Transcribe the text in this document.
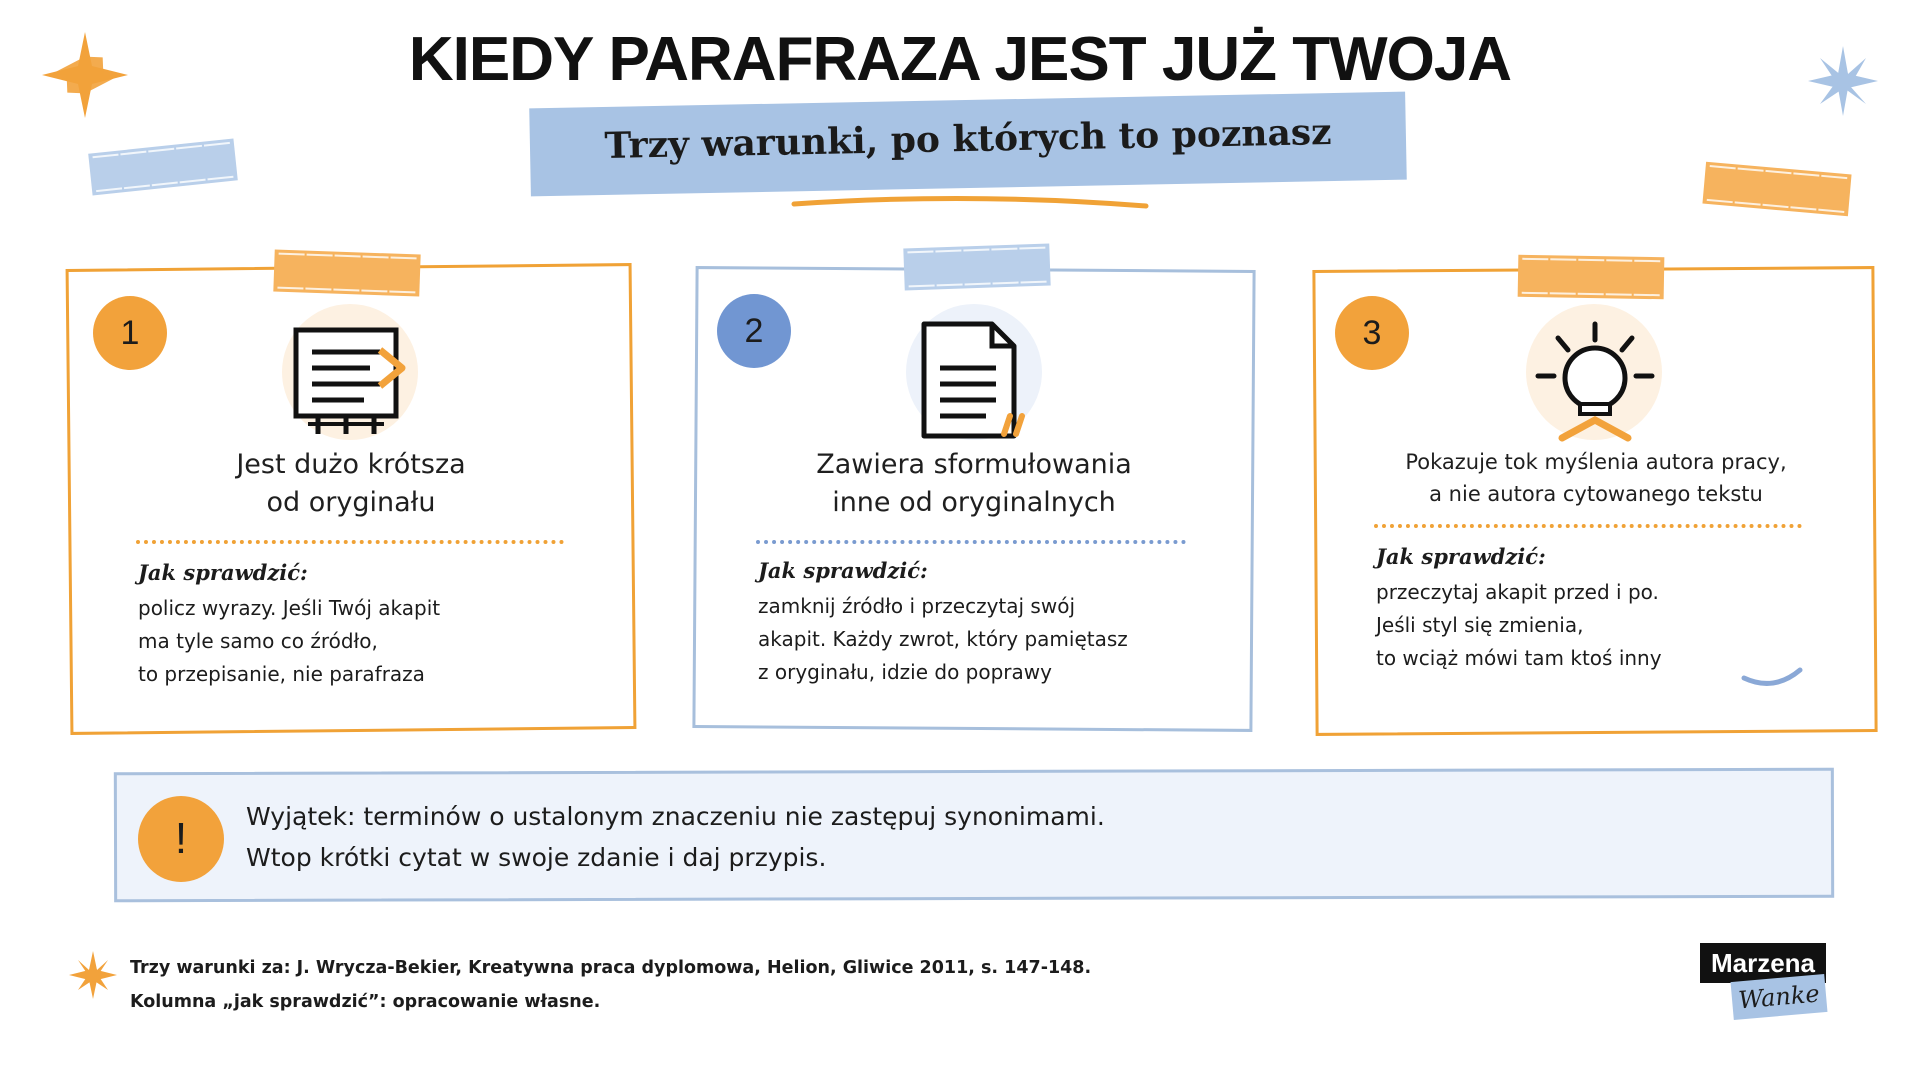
KIEDY PARAFRAZA JEST JUŻ TWOJA
Trzy warunki, po których to poznasz
1
Jest dużo krótsza
od oryginału
Jak sprawdzić:
policz wyrazy. Jeśli Twój akapit
ma tyle samo co źródło,
to przepisanie, nie parafraza
2
Zawiera sformułowania
inne od oryginalnych
Jak sprawdzić:
zamknij źródło i przeczytaj swój
akapit. Każdy zwrot, który pamiętasz
z oryginału, idzie do poprawy
3
Pokazuje tok myślenia autora pracy,
a nie autora cytowanego tekstu
Jak sprawdzić:
przeczytaj akapit przed i po.
Jeśli styl się zmienia,
to wciąż mówi tam ktoś inny
!	Wyjątek: terminów o ustalonym znaczeniu nie zastępuj synonimami.
Wtop krótki cytat w swoje zdanie i daj przypis.
Trzy warunki za: J. Wrycza-Bekier, Kreatywna praca dyplomowa, Helion, Gliwice 2011, s. 147-148.
Kolumna „jak sprawdzić”: opracowanie własne.
Marzena
Wanke
